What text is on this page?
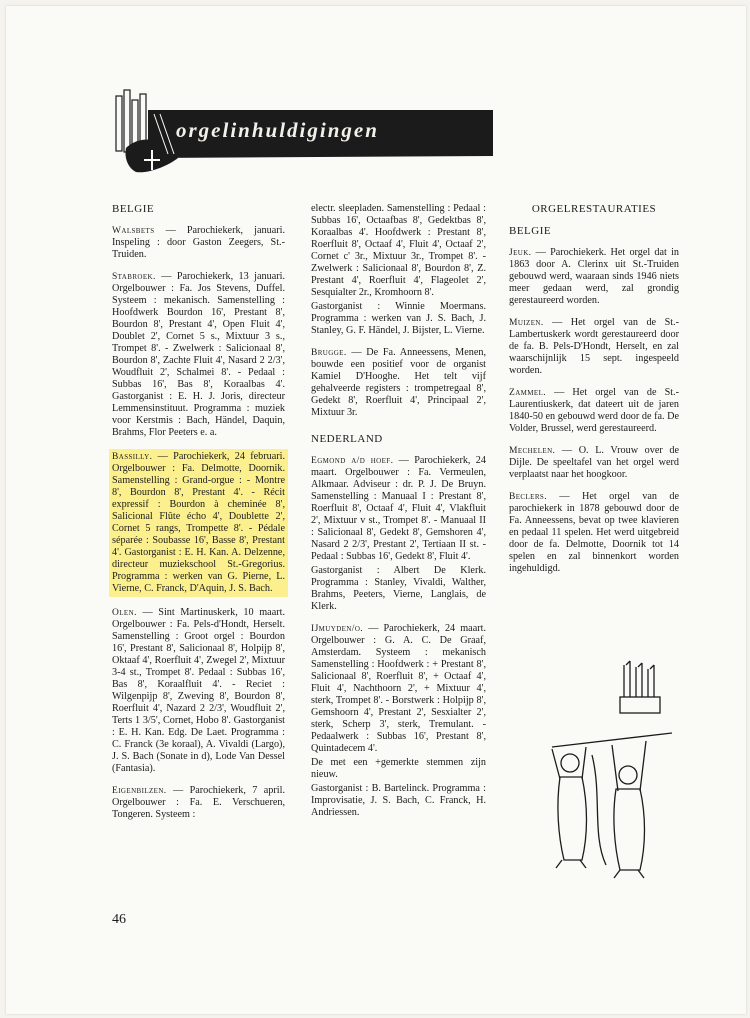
orgelinhuldigingen
BELGIE

Walsbets — Parochiekerk, januari. Inspeling : door Gaston Zeegers, St.-Truiden.

Stabroek. — Parochiekerk, 13 januari. Orgelbouwer : Fa. Jos Stevens, Duffel. Systeem : mekanisch. Samenstelling : Hoofdwerk Bourdon 16', Prestant 8', Bourdon 8', Prestant 4', Open Fluit 4', Doublet 2', Cornet 5 s., Mixtuur 3 s., Trompet 8'. - Zwelwerk : Salicionaal 8', Bourdon 8', Zachte Fluit 4', Nasard 2 2/3', Woudfluit 2', Schalmei 8'. - Pedaal : Subbas 16', Bas 8', Koraalbas 4'. Gastorganist : E. H. J. Joris, directeur Lemmensinstituut. Programma : muziek voor Kerstmis : Bach, Händel, Daquin, Brahms, Flor Peeters e. a.

Bassilly. — Parochiekerk, 24 februari. Orgelbouwer : Fa. Delmotte, Doornik. Samenstelling : Grand-orgue : - Montre 8', Bourdon 8', Prestant 4'. - Récit expressif : Bourdon à cheminée 8', Salicional Flûte écho 4', Doublette 2', Cornet 5 rangs, Trompette 8'. - Pédale séparée : Soubasse 16', Basse 8', Prestant 4'. Gastorganist : E. H. Kan. A. Delzenne, directeur muziekschool St.-Gregorius. Programma : werken van G. Pierne, L. Vierne, C. Franck, D'Aquin, J. S. Bach.

Olen. — Sint Martinuskerk, 10 maart. Orgelbouwer : Fa. Pels-d'Hondt, Herselt. Samenstelling : Groot orgel : Bourdon 16', Prestant 8', Salicionaal 8', Holpijp 8', Oktaaf 4', Roerfluit 4', Zwegel 2', Mixtuur 3-4 st., Trompet 8'. Pedaal : Subbas 16', Bas 8', Koraalfluit 4'. - Reciet : Wilgenpijp 8', Zweving 8', Bourdon 8', Roerfluit 4', Nazard 2 2/3', Woudfluit 2', Terts 1 3/5', Cornet, Hobo 8'. Gastorganist : E. H. Kan. Edg. De Laet. Programma : C. Franck (3e koraal), A. Vivaldi (Largo), J. S. Bach (Sonate in d), Lode Van Dessel (Fantasia).

Eigenbilzen. — Parochiekerk, 7 april. Orgelbouwer : Fa. E. Verschueren, Tongeren. Systeem :

electr. sleepladen. Samenstelling : Pedaal : Subbas 16', Octaafbas 8', Gedektbas 8', Koraalbas 4'. Hoofdwerk : Prestant 8', Roerfluit 8', Octaaf 4', Fluit 4', Octaaf 2', Cornet c' 3r., Mixtuur 3r., Trompet 8'. - Zwelwerk : Salicionaal 8', Bourdon 8', Z. Prestant 4', Roerfluit 4', Flageolet 2', Sesquialter 2r., Kromhoorn 8'.

Gastorganist : Winnie Moermans. Programma : werken van J. S. Bach, J. Stanley, G. F. Händel, J. Bijster, L. Vierne.

Brugge. — De Fa. Anneessens, Menen, bouwde een positief voor de organist Kamiel D'Hooghe. Het telt vijf gehalveerde registers : trompetregaal 8', Gedekt 8', Roerfluit 4', Principaal 2', Mixtuur 3r.

NEDERLAND

Egmond a/d hoef. — Parochiekerk, 24 maart. Orgelbouwer : Fa. Vermeulen, Alkmaar. Adviseur : dr. P. J. De Bruyn. Samenstelling : Manuaal I : Prestant 8', Roerfluit 8', Octaaf 4', Fluit 4', Vlakfluit 2', Mixtuur v st., Trompet 8'. - Manuaal II : Salicionaal 8', Gedekt 8', Gemshoren 4', Nasard 2 2/3', Prestant 2', Tertiaan II st. - Pedaal : Subbas 16', Gedekt 8', Fluit 4'.

Gastorganist : Albert De Klerk. Programma : Stanley, Vivaldi, Walther, Brahms, Peeters, Vierne, Langlais, de Klerk.

IJmuyden/o. — Parochiekerk, 24 maart. Orgelbouwer : G. A. C. De Graaf, Amsterdam. Systeem : mekanisch Samenstelling : Hoofdwerk : + Prestant 8', Salicionaal 8', Roerfluit 8', + Octaaf 4', Fluit 4', Nachthoorn 2', + Mixtuur 4', sterk, Trompet 8'. - Borstwerk : Holpijp 8', Gemshoorn 4', Prestant 2', Sesxialter 2', sterk, Scherp 3', sterk, Tremulant. - Pedaalwerk : Subbas 16', Prestant 8', Quintadecem 4'.

De met een +gemerkte stemmen zijn nieuw.

Gastorganist : B. Bartelinck. Programma : Improvisatie, J. S. Bach, C. Franck, H. Andriessen.

ORGELRESTAURATIES
BELGIE

Jeuk. — Parochiekerk. Het orgel dat in 1863 door A. Clerinx uit St.-Truiden gebouwd werd, waaraan sinds 1946 niets meer gedaan werd, zal grondig gerestaureerd worden.

Muizen. — Het orgel van de St.-Lambertuskerk wordt gerestaureerd door de fa. B. Pels-D'Hondt, Herselt, en zal waarschijnlijk 15 sept. ingespeeld worden.

Zammel. — Het orgel van de St.-Laurentiuskerk, dat dateert uit de jaren 1840-50 en gebouwd werd door de fa. De Volder, Brussel, werd gerestaureerd.

Mechelen. — O. L. Vrouw over de Dijle. De speeltafel van het orgel werd verplaatst naar het hoogkoor.

Beclers. — Het orgel van de parochiekerk in 1878 gebouwd door de Fa. Anneessens, bevat op twee klavieren en pedaal 11 spelen. Het werd uitgebreid door de fa. Delmotte, Doornik tot 14 spelen en zal binnenkort worden ingehuldigd.

46
